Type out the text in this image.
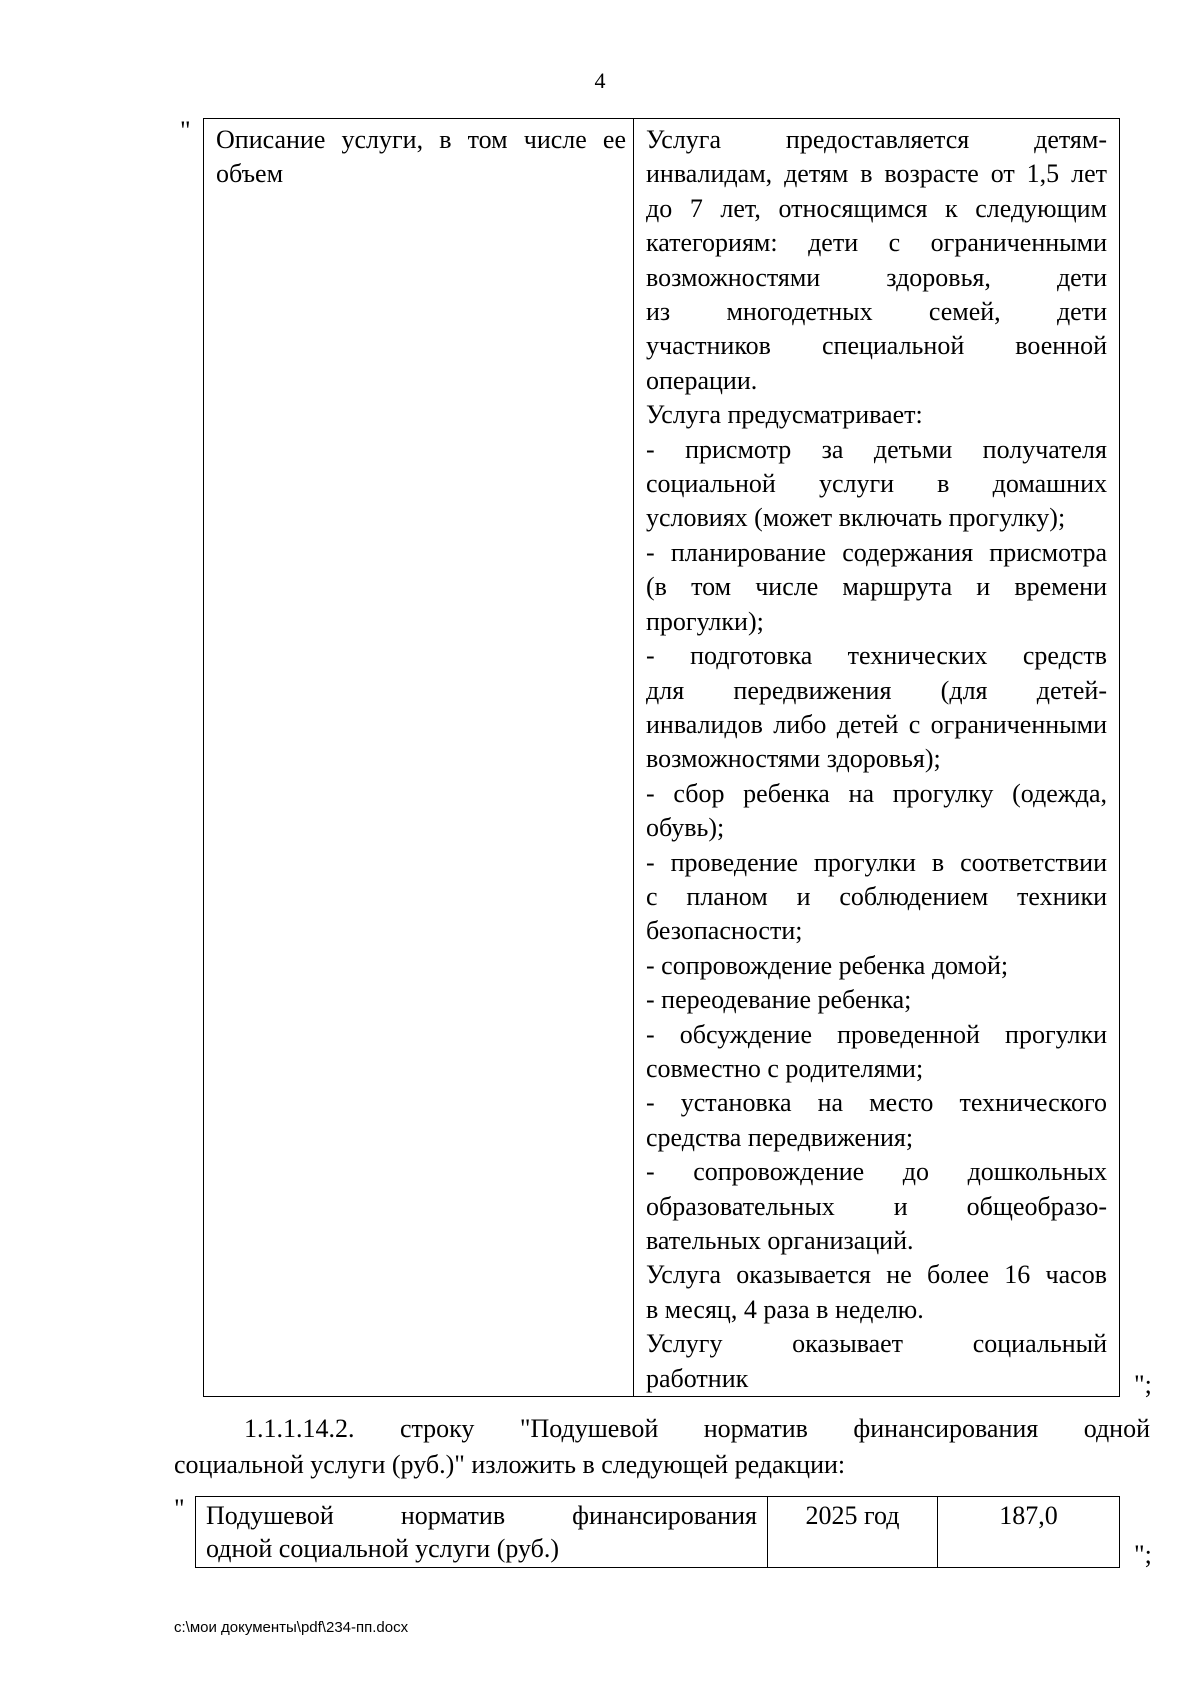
4
" Описание услуги, в том числе ее объем
Услуга предоставляется детям-
инвалидам, детям в возрасте от 1,5 лет
до 7 лет, относящимся к следующим
категориям: дети с ограниченными
возможностями здоровья, дети
из многодетных семей, дети
участников специальной военной
операции.
Услуга предусматривает:
- присмотр за детьми получателя
социальной услуги в домашних
условиях (может включать прогулку);
- планирование содержания присмотра
(в том числе маршрута и времени
прогулки);
- подготовка технических средств
для передвижения (для детей-
инвалидов либо детей с ограниченными
возможностями здоровья);
- сбор ребенка на прогулку (одежда,
обувь);
- проведение прогулки в соответствии
с планом и соблюдением техники
безопасности;
- сопровождение ребенка домой;
- переодевание ребенка;
- обсуждение проведенной прогулки
совместно с родителями;
- установка на место технического
средства передвижения;
- сопровождение до дошкольных
образовательных и общеобразо-
вательных организаций.
Услуга оказывается не более 16 часов
в месяц, 4 раза в неделю.
Услугу оказывает социальный
работник	";
1.1.1.14.2. строку "Подушевой норматив финансирования одной
социальной услуги (руб.)" изложить в следующей редакции:
" Подушевой норматив финансирования
одной социальной услуги (руб.)
2025 год	187,0
";
c:\мои документы\pdf\234-пп.docx
